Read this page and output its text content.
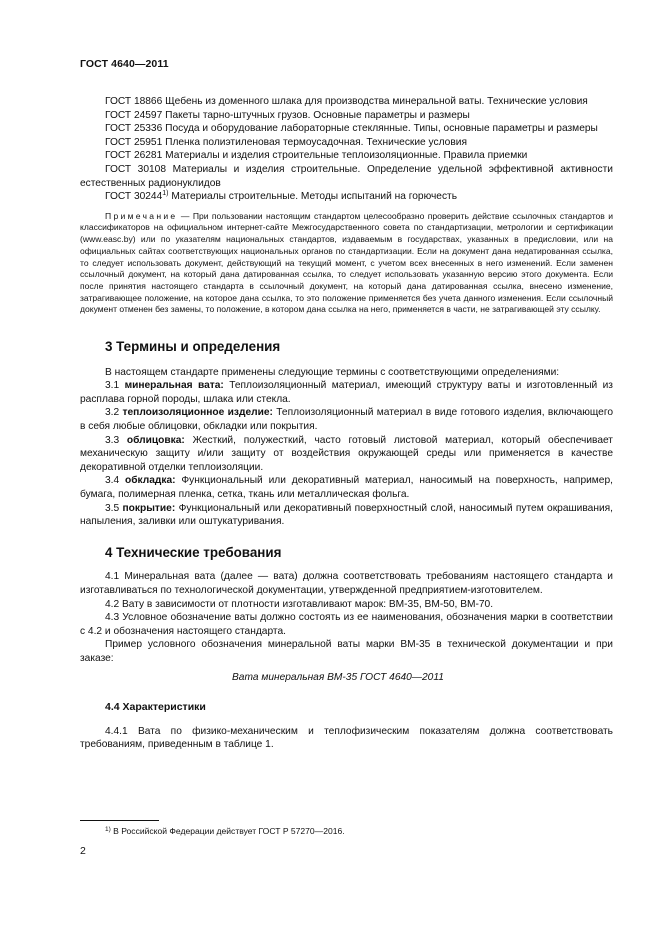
ГОСТ 4640—2011

ГОСТ 18866 Щебень из доменного шлака для производства минеральной ваты. Технические условия

ГОСТ 24597 Пакеты тарно-штучных грузов. Основные параметры и размеры

ГОСТ 25336 Посуда и оборудование лабораторные стеклянные. Типы, основные параметры и размеры

ГОСТ 25951 Пленка полиэтиленовая термоусадочная. Технические условия

ГОСТ 26281 Материалы и изделия строительные теплоизоляционные. Правила приемки

ГОСТ 30108 Материалы и изделия строительные. Определение удельной эффективной активности естественных радионуклидов

ГОСТ 30244$^{1)}$ Материалы строительные. Методы испытаний на горючесть

Примечание — При пользовании настоящим стандартом целесообразно проверить действие ссылочных стандартов и классификаторов на официальном интернет-сайте Межгосударственного совета по стандартизации, метрологии и сертификации (www.easc.by) или по указателям национальных стандартов, издаваемым в государствах, указанных в предисловии, или на официальных сайтах соответствующих национальных органов по стандартизации. Если на документ дана недатированная ссылка, то следует использовать документ, действующий на текущий момент, с учетом всех внесенных в него изменений. Если заменен ссылочный документ, на который дана датированная ссылка, то следует использовать указанную версию этого документа. Если после принятия настоящего стандарта в ссылочный документ, на который дана датированная ссылка, внесено изменение, затрагивающее положение, на которое дана ссылка, то это положение применяется без учета данного изменения. Если ссылочный документ отменен без замены, то положение, в котором дана ссылка на него, применяется в части, не затрагивающей эту ссылку.

3 Термины и определения

В настоящем стандарте применены следующие термины с соответствующими определениями:

3.1 минеральная вата: Теплоизоляционный материал, имеющий структуру ваты и изготовленный из расплава горной породы, шлака или стекла.

3.2 теплоизоляционное изделие: Теплоизоляционный материал в виде готового изделия, включающего в себя любые облицовки, обкладки или покрытия.

3.3 облицовка: Жесткий, полужесткий, часто готовый листовой материал, который обеспечивает механическую защиту и/или защиту от воздействия окружающей среды или применяется в качестве декоративной отделки теплоизоляции.

3.4 обкладка: Функциональный или декоративный материал, наносимый на поверхность, например, бумага, полимерная пленка, сетка, ткань или металлическая фольга.

3.5 покрытие: Функциональный или декоративный поверхностный слой, наносимый путем окрашивания, напыления, заливки или оштукатуривания.

4 Технические требования

4.1 Минеральная вата (далее — вата) должна соответствовать требованиям настоящего стандарта и изготавливаться по технологической документации, утвержденной предприятием-изготовителем.

4.2 Вату в зависимости от плотности изготавливают марок: ВМ-35, ВМ-50, ВМ-70.

4.3 Условное обозначение ваты должно состоять из ее наименования, обозначения марки в соответствии с 4.2 и обозначения настоящего стандарта.

Пример условного обозначения минеральной ваты марки ВМ-35 в технической документации и при заказе:

Вата минеральная ВМ-35 ГОСТ 4640—2011

4.4 Характеристики

4.4.1 Вата по физико-механическим и теплофизическим показателям должна соответствовать требованиям, приведенным в таблице 1.

$^{1)}$ В Российской Федерации действует ГОСТ Р 57270—2016.
2
